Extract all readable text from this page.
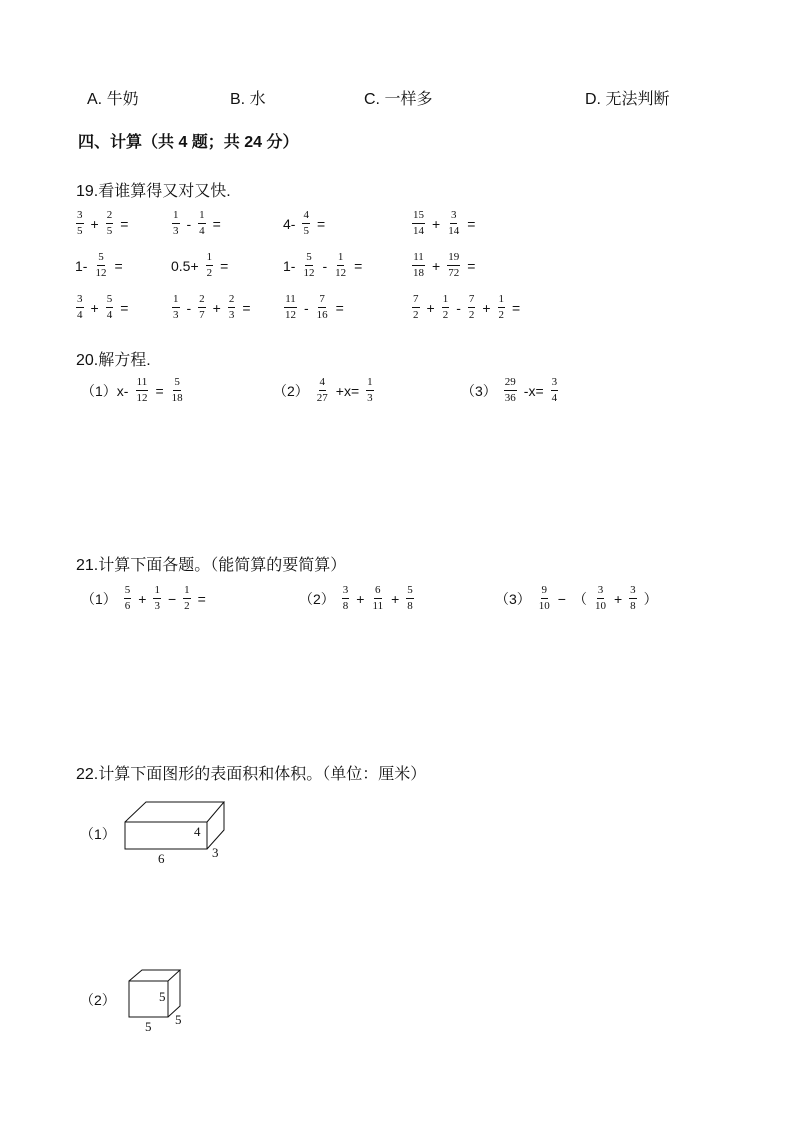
A. 牛奶	B. 水	C. 一样多	D. 无法判断
四、计算（共 4 题；共 24 分）
19.看谁算得又对又快.
20.解方程.
21.计算下面各题。（能简算的要简算）
22.计算下面图形的表面积和体积。（单位：厘米）
（1）	4
6	3
（2）	5
5 5
$\frac{3}{5} + \frac{2}{5}$ =	$\frac{1}{3} - \frac{1}{4}$ =	$4- \frac{4}{5}$ =	$\frac{15}{14} + \frac{3}{14}$ =
$1- \frac{5}{12}$ =	$0.5+ \frac{1}{2}$ =	$1- \frac{5}{12} - \frac{1}{12}$ =	$\frac{11}{18} + \frac{19}{72}$ =
$\frac{3}{4} + \frac{5}{4}$ =	$\frac{1}{3} - \frac{2}{7} + \frac{2}{3}$ =	$\frac{11}{12} - \frac{7}{16}$ =	$\frac{7}{2} + \frac{1}{2} - \frac{7}{2} + \frac{1}{2}$ =
$(1)x- \frac{11}{12} = \frac{5}{18}$	$(2) \frac{4}{27} +x= \frac{1}{3}$	$(3) \frac{29}{36} -x= \frac{3}{4}$
$(1) \frac{5}{6} + \frac{1}{3} - \frac{1}{2}$ =	$(2) \frac{3}{8} + \frac{6}{11} + \frac{5}{8}$	$(3) \frac{9}{10}$ −　（ $\frac{3}{10} + \frac{3}{8}$ ）
